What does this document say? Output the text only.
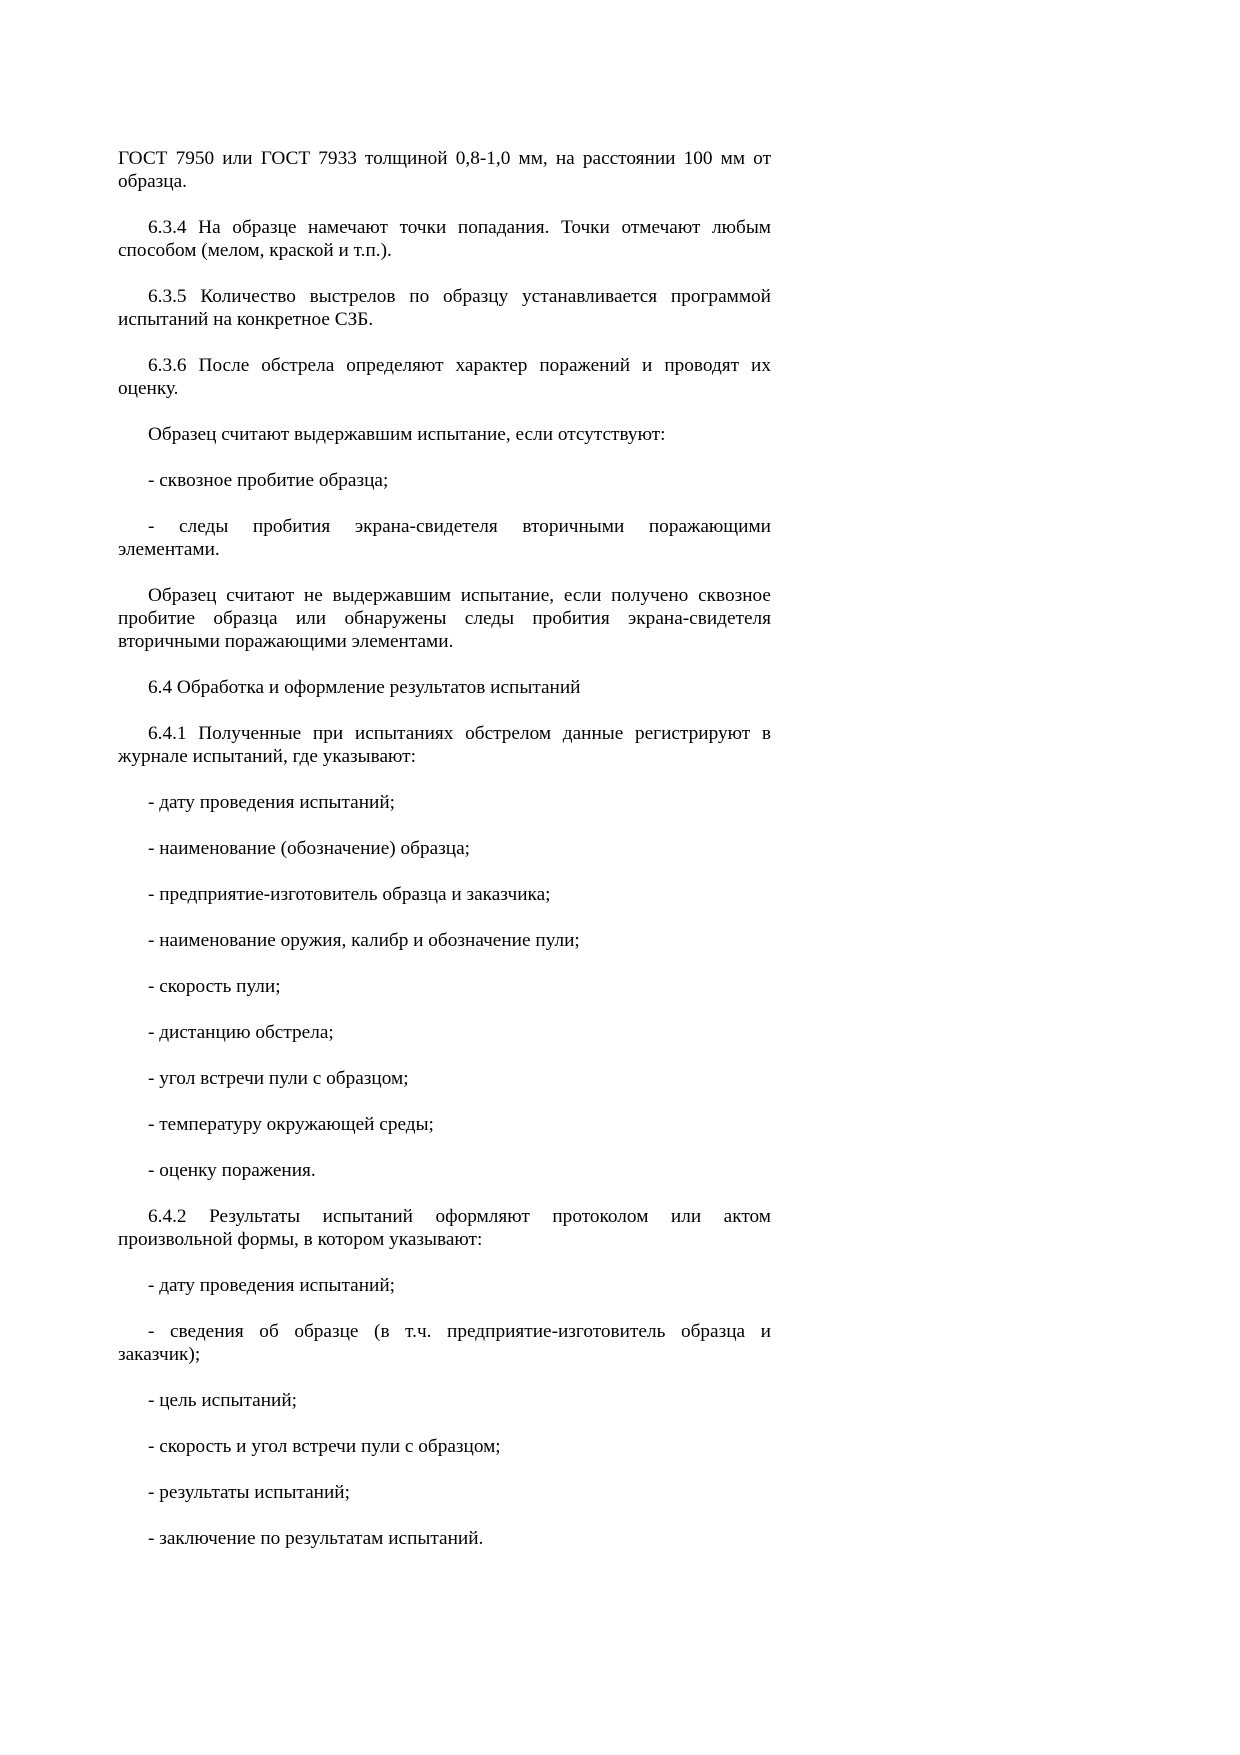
ГОСТ 7950 или ГОСТ 7933 толщиной 0,8-1,0 мм, на расстоянии 100 мм от образца.

6.3.4 На образце намечают точки попадания. Точки отмечают любым способом (мелом, краской и т.п.).

6.3.5 Количество выстрелов по образцу устанавливается программой испытаний на конкретное СЗБ.

6.3.6 После обстрела определяют характер поражений и проводят их оценку.

Образец считают выдержавшим испытание, если отсутствуют:

- сквозное пробитие образца;

- следы пробития экрана-свидетеля вторичными поражающими элементами.

Образец считают не выдержавшим испытание, если получено сквозное пробитие образца или обнаружены следы пробития экрана-свидетеля вторичными поражающими элементами.

6.4 Обработка и оформление результатов испытаний

6.4.1 Полученные при испытаниях обстрелом данные регистрируют в журнале испытаний, где указывают:

- дату проведения испытаний;

- наименование (обозначение) образца;

- предприятие-изготовитель образца и заказчика;

- наименование оружия, калибр и обозначение пули;

- скорость пули;

- дистанцию обстрела;

- угол встречи пули с образцом;

- температуру окружающей среды;

- оценку поражения.

6.4.2 Результаты испытаний оформляют протоколом или актом произвольной формы, в котором указывают:

- дату проведения испытаний;

- сведения об образце (в т.ч. предприятие-изготовитель образца и заказчик);

- цель испытаний;

- скорость и угол встречи пули с образцом;

- результаты испытаний;

- заключение по результатам испытаний.
